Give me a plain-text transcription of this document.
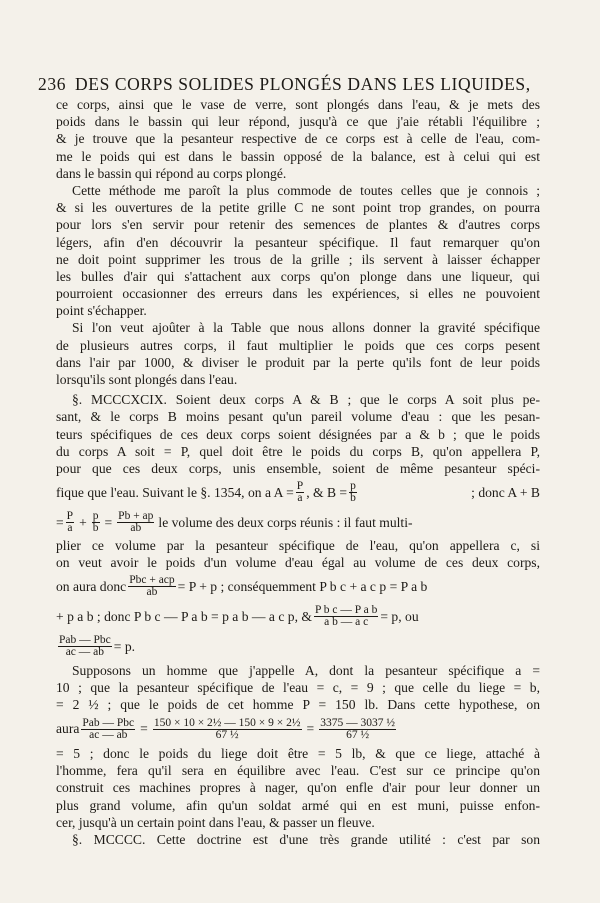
236 DES CORPS SOLIDES PLONGÉS DANS LES LIQUIDES,
ce corps, ainsi que le vase de verre, sont plongés dans l'eau, & je mets des
poids dans le bassin qui leur répond, jusqu'à ce que j'aie rétabli l'équilibre ;
& je trouve que la pesanteur respective de ce corps est à celle de l'eau, com-
me le poids qui est dans le bassin opposé de la balance, est à celui qui est
dans le bassin qui répond au corps plongé.
Cette méthode me paroît la plus commode de toutes celles que je connois ;
& si les ouvertures de la petite grille C ne sont point trop grandes, on pourra
pour lors s'en servir pour retenir des semences de plantes & d'autres corps
légers, afin d'en découvrir la pesanteur spécifique. Il faut remarquer qu'on
ne doit point supprimer les trous de la grille ; ils servent à laisser échapper
les bulles d'air qui s'attachent aux corps qu'on plonge dans une liqueur, qui
pourroient occasionner des erreurs dans les expériences, si elles ne pouvoient
point s'échapper.
Si l'on veut ajoûter à la Table que nous allons donner la gravité spécifique
de plusieurs autres corps, il faut multiplier le poids que ces corps pesent
dans l'air par 1000, & diviser le produit par la perte qu'ils font de leur poids
lorsqu'ils sont plongés dans l'eau.
§. MCCCXCIX. Soient deux corps A & B ; que le corps A soit plus pe-
sant, & le corps B moins pesant qu'un pareil volume d'eau : que les pesan-
teurs spécifiques de ces deux corps soient désignées par a & b ; que le poids
du corps A soit = P, quel doit être le poids du corps B, qu'on appellera P,
pour que ces deux corps, unis ensemble, soient de même pesanteur spéci-
fique que l'eau. Suivant le §. 1354, on a $A = \frac{P}{a}$ , & $B = \frac{p}{b}$	; donc A + B
= $\frac{P}{a} + \frac{p}{b} = \frac{Pb + ap}{ab}$ le volume des deux corps réunis : il faut multi-
plier ce volume par la pesanteur spécifique de l'eau, qu'on appellera c, si
on veut avoir le poids d'un volume d'eau égal au volume de ces deux corps,
on aura donc $\frac{\text{Pbc + acp}}{ab} = P + p$ ; conséquemment P b c + a c p = P a b
+ p a b ; donc P b c — P a b = p a b — a c p, & $\frac{\text{P b c — P a b}}{\text{a b — a c}} = p$, ou
$\frac{\text{Pab — Pbc}}{ac — ab} = p$.
Supposons un homme que j'appelle A, dont la pesanteur spécifique a =
10 ; que la pesanteur spécifique de l'eau = c, = 9 ; que celle du liege = b,
= 2 ½ ; que le poids de cet homme P = 150 lb. Dans cette hypothese, on
aura $\frac{\text{Pab — Pbc}}{ac — ab} = \frac{\text{150 × 10 × 2½ — 150 × 9 × 2½}}{\text{67 ½}} = \frac{\text{3375 — 3037 ½}}{\text{67 ½}}$
= 5 ; donc le poids du liege doit être = 5 lb, & que ce liege, attaché à
l'homme, fera qu'il sera en équilibre avec l'eau. C'est sur ce principe qu'on
construit ces machines propres à nager, qu'on enfle d'air pour leur donner un
plus grand volume, afin qu'un soldat armé qui en est muni, puisse enfon-
cer, jusqu'à un certain point dans l'eau, & passer un fleuve.
§. MCCCC. Cette doctrine est d'une très grande utilité : c'est par son
